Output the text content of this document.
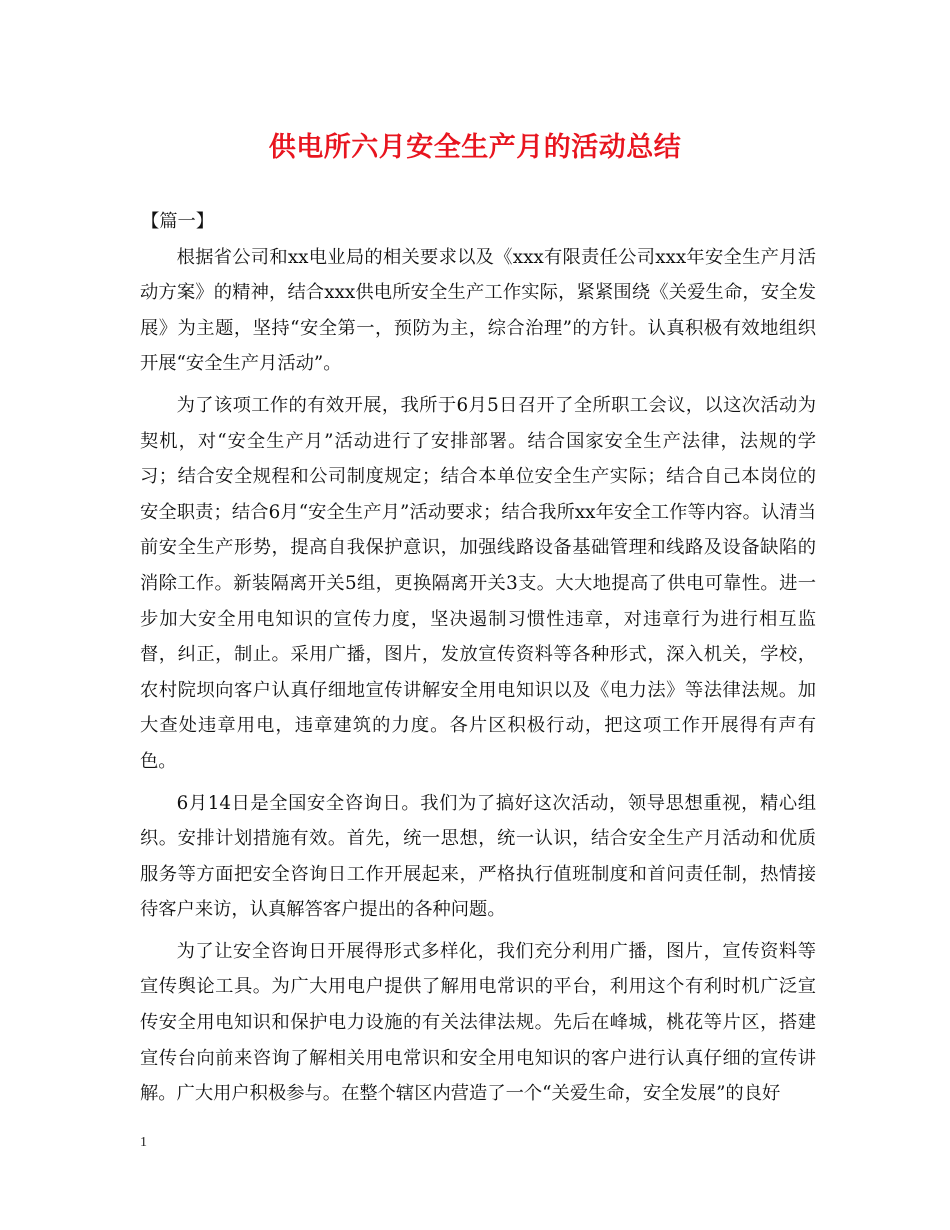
供电所六月安全生产月的活动总结

【篇一】

根据省公司和xx电业局的相关要求以及《xxx有限责任公司xxx年安全生产月活动方案》的精神，结合xxx供电所安全生产工作实际，紧紧围绕《关爱生命，安全发展》为主题，坚持“安全第一，预防为主，综合治理”的方针。认真积极有效地组织开展“安全生产月活动”。

为了该项工作的有效开展，我所于6月5日召开了全所职工会议，以这次活动为契机，对“安全生产月”活动进行了安排部署。结合国家安全生产法律，法规的学习；结合安全规程和公司制度规定；结合本单位安全生产实际；结合自己本岗位的安全职责；结合6月“安全生产月”活动要求；结合我所xx年安全工作等内容。认清当前安全生产形势，提高自我保护意识，加强线路设备基础管理和线路及设备缺陷的消除工作。新装隔离开关5组，更换隔离开关3支。大大地提高了供电可靠性。进一步加大安全用电知识的宣传力度，坚决遏制习惯性违章，对违章行为进行相互监督，纠正，制止。采用广播，图片，发放宣传资料等各种形式，深入机关，学校，农村院坝向客户认真仔细地宣传讲解安全用电知识以及《电力法》等法律法规。加大查处违章用电，违章建筑的力度。各片区积极行动，把这项工作开展得有声有色。

6月14日是全国安全咨询日。我们为了搞好这次活动，领导思想重视，精心组织。安排计划措施有效。首先，统一思想，统一认识，结合安全生产月活动和优质服务等方面把安全咨询日工作开展起来，严格执行值班制度和首问责任制，热情接待客户来访，认真解答客户提出的各种问题。

为了让安全咨询日开展得形式多样化，我们充分利用广播，图片，宣传资料等宣传舆论工具。为广大用电户提供了解用电常识的平台，利用这个有利时机广泛宣传安全用电知识和保护电力设施的有关法律法规。先后在峰城，桃花等片区，搭建宣传台向前来咨询了解相关用电常识和安全用电知识的客户进行认真仔细的宣传讲解。广大用户积极参与。在整个辖区内营造了一个“关爱生命，安全发展”的良好

1
